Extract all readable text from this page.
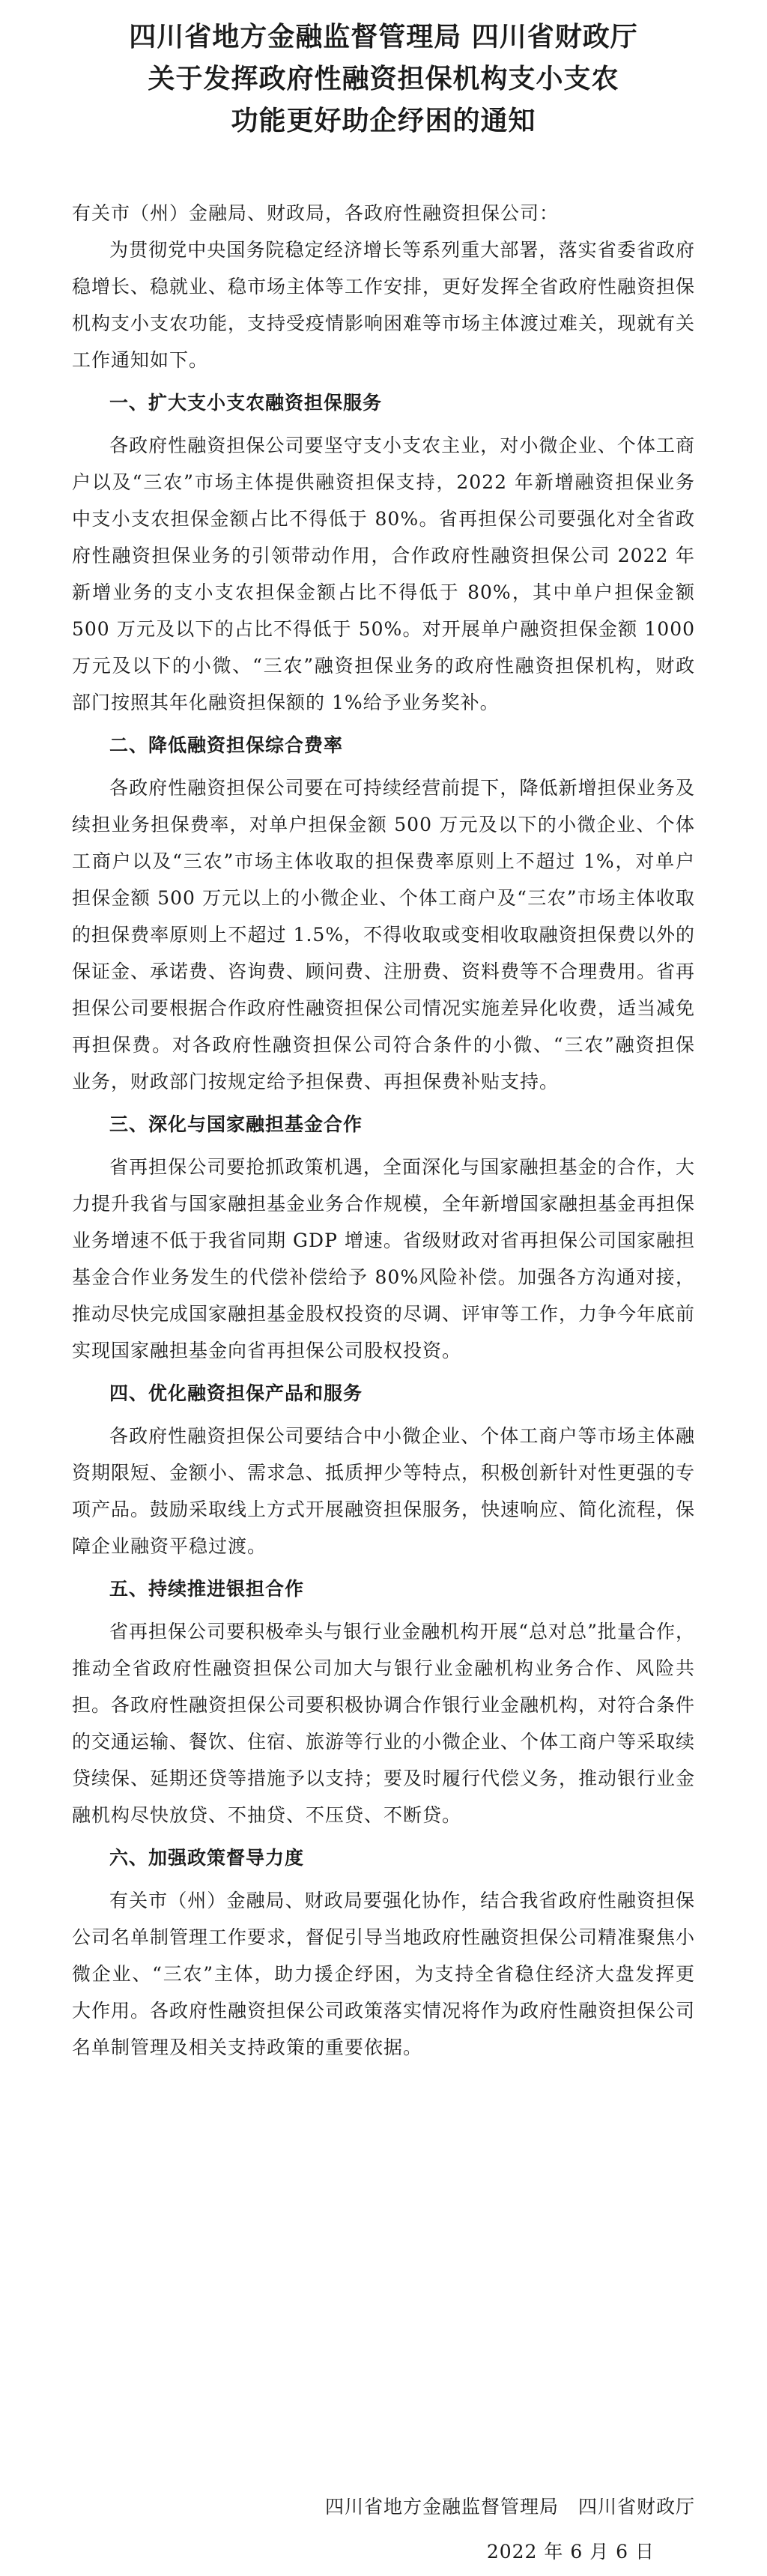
四川省地方金融监督管理局 四川省财政厅
关于发挥政府性融资担保机构支小支农
功能更好助企纾困的通知
有关市（州）金融局、财政局，各政府性融资担保公司：

为贯彻党中央国务院稳定经济增长等系列重大部署，落实省委省政府稳增长、稳就业、稳市场主体等工作安排，更好发挥全省政府性融资担保机构支小支农功能，支持受疫情影响困难等市场主体渡过难关，现就有关工作通知如下。

一、扩大支小支农融资担保服务

各政府性融资担保公司要坚守支小支农主业，对小微企业、个体工商户以及“三农”市场主体提供融资担保支持，2022 年新增融资担保业务中支小支农担保金额占比不得低于 80%。省再担保公司要强化对全省政府性融资担保业务的引领带动作用，合作政府性融资担保公司 2022 年新增业务的支小支农担保金额占比不得低于 80%，其中单户担保金额 500 万元及以下的占比不得低于 50%。对开展单户融资担保金额 1000 万元及以下的小微、“三农”融资担保业务的政府性融资担保机构，财政部门按照其年化融资担保额的 1%给予业务奖补。

二、降低融资担保综合费率

各政府性融资担保公司要在可持续经营前提下，降低新增担保业务及续担业务担保费率，对单户担保金额 500 万元及以下的小微企业、个体工商户以及“三农”市场主体收取的担保费率原则上不超过 1%，对单户担保金额 500 万元以上的小微企业、个体工商户及“三农”市场主体收取的担保费率原则上不超过 1.5%，不得收取或变相收取融资担保费以外的保证金、承诺费、咨询费、顾问费、注册费、资料费等不合理费用。省再担保公司要根据合作政府性融资担保公司情况实施差异化收费，适当减免再担保费。对各政府性融资担保公司符合条件的小微、“三农”融资担保业务，财政部门按规定给予担保费、再担保费补贴支持。

三、深化与国家融担基金合作

省再担保公司要抢抓政策机遇，全面深化与国家融担基金的合作，大力提升我省与国家融担基金业务合作规模，全年新增国家融担基金再担保业务增速不低于我省同期 GDP 增速。省级财政对省再担保公司国家融担基金合作业务发生的代偿补偿给予 80%风险补偿。加强各方沟通对接，推动尽快完成国家融担基金股权投资的尽调、评审等工作，力争今年底前实现国家融担基金向省再担保公司股权投资。

四、优化融资担保产品和服务

各政府性融资担保公司要结合中小微企业、个体工商户等市场主体融资期限短、金额小、需求急、抵质押少等特点，积极创新针对性更强的专项产品。鼓励采取线上方式开展融资担保服务，快速响应、简化流程，保障企业融资平稳过渡。

五、持续推进银担合作

省再担保公司要积极牵头与银行业金融机构开展“总对总”批量合作，推动全省政府性融资担保公司加大与银行业金融机构业务合作、风险共担。各政府性融资担保公司要积极协调合作银行业金融机构，对符合条件的交通运输、餐饮、住宿、旅游等行业的小微企业、个体工商户等采取续贷续保、延期还贷等措施予以支持；要及时履行代偿义务，推动银行业金融机构尽快放贷、不抽贷、不压贷、不断贷。

六、加强政策督导力度

有关市（州）金融局、财政局要强化协作，结合我省政府性融资担保公司名单制管理工作要求，督促引导当地政府性融资担保公司精准聚焦小微企业、“三农”主体，助力援企纾困，为支持全省稳住经济大盘发挥更大作用。各政府性融资担保公司政策落实情况将作为政府性融资担保公司名单制管理及相关支持政策的重要依据。

四川省地方金融监督管理局　四川省财政厅
2022 年 6 月 6 日
